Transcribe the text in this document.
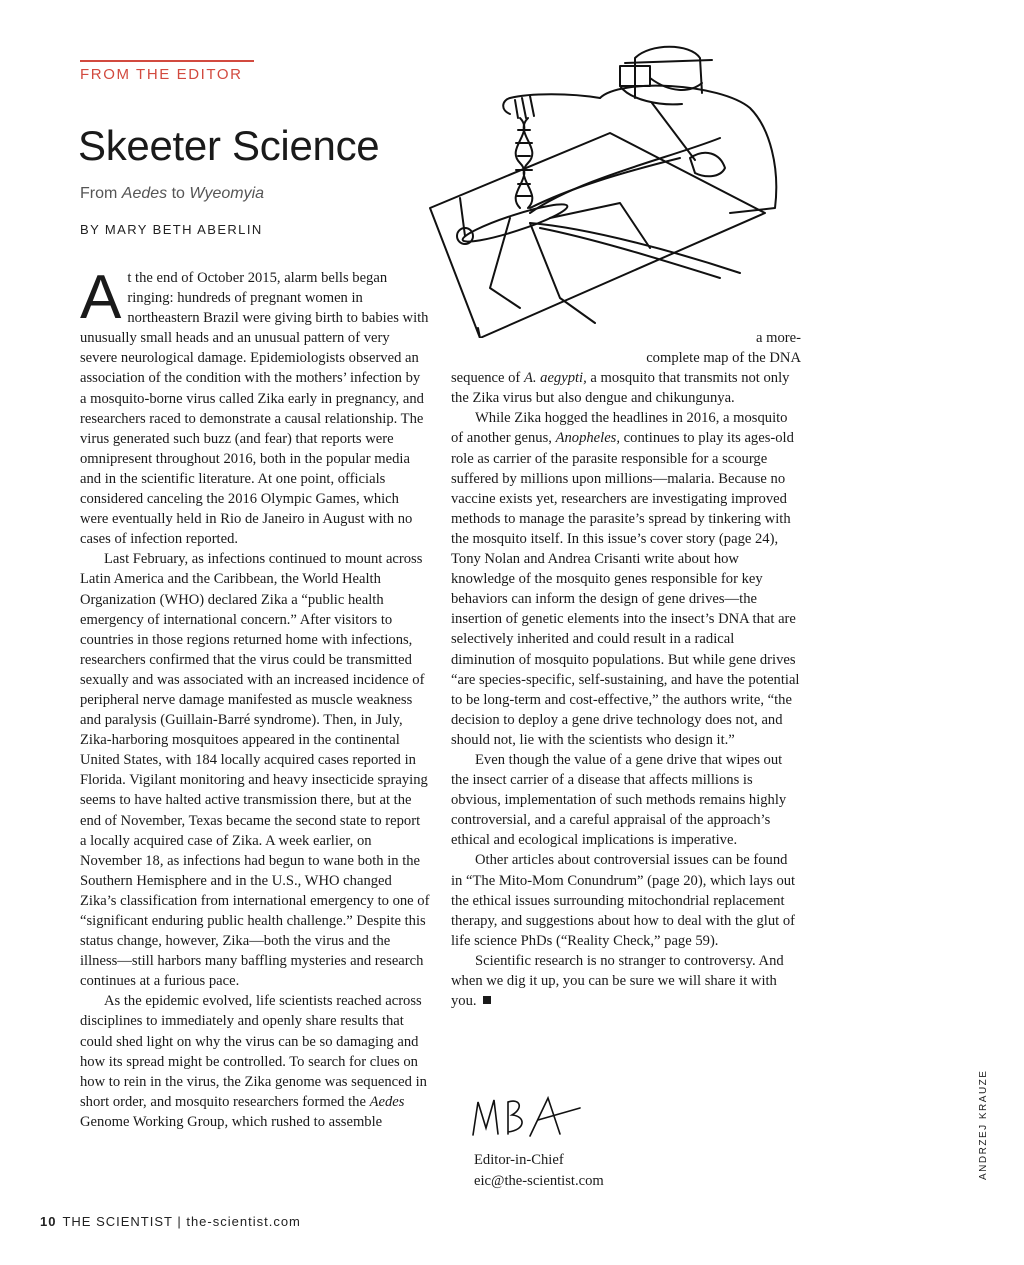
FROM THE EDITOR
Skeeter Science
From Aedes to Wyeomyia
BY MARY BETH ABERLIN

At the end of October 2015, alarm bells began ringing: hundreds of pregnant women in northeastern Brazil were giving birth to babies with unusually small heads and an unusual pattern of very severe neurological damage. Epidemiologists observed an association of the condition with the mothers’ infection by a mosquito-borne virus called Zika early in pregnancy, and researchers raced to demonstrate a causal relationship. The virus generated such buzz (and fear) that reports were omnipresent throughout 2016, both in the popular media and in the scientific literature. At one point, officials considered canceling the 2016 Olympic Games, which were eventually held in Rio de Janeiro in August with no cases of infection reported.

Last February, as infections continued to mount across Latin America and the Caribbean, the World Health Organization (WHO) declared Zika a “public health emergency of international concern.” After visitors to countries in those regions returned home with infections, researchers confirmed that the virus could be transmitted sexually and was associated with an increased incidence of peripheral nerve damage manifested as muscle weakness and paralysis (Guillain-Barré syndrome). Then, in July, Zika-harboring mosquitoes appeared in the continental United States, with 184 locally acquired cases reported in Florida. Vigilant monitoring and heavy insecticide spraying seems to have halted active transmission there, but at the end of November, Texas became the second state to report a locally acquired case of Zika. A week earlier, on November 18, as infections had begun to wane both in the Southern Hemisphere and in the U.S., WHO changed Zika’s classification from international emergency to one of “significant enduring public health challenge.” Despite this status change, however, Zika—both the virus and the illness—still harbors many baffling mysteries and research continues at a furious pace.

As the epidemic evolved, life scientists reached across disciplines to immediately and openly share results that could shed light on why the virus can be so damaging and how its spread might be controlled. To search for clues on how to rein in the virus, the Zika genome was sequenced in short order, and mosquito researchers formed the Aedes Genome Working Group, which rushed to assemble

a more-

complete map of the DNA

sequence of A. aegypti, a mosquito that transmits not only the Zika virus but also dengue and chikungunya.

While Zika hogged the headlines in 2016, a mosquito of another genus, Anopheles, continues to play its ages-old role as carrier of the parasite responsible for a scourge suffered by millions upon millions—malaria. Because no vaccine exists yet, researchers are investigating improved methods to manage the parasite’s spread by tinkering with the mosquito itself. In this issue’s cover story (page 24), Tony Nolan and Andrea Crisanti write about how knowledge of the mosquito genes responsible for key behaviors can inform the design of gene drives—the insertion of genetic elements into the insect’s DNA that are selectively inherited and could result in a radical diminution of mosquito populations. But while gene drives “are species-specific, self-sustaining, and have the potential to be long-term and cost-effective,” the authors write, “the decision to deploy a gene drive technology does not, and should not, lie with the scientists who design it.”

Even though the value of a gene drive that wipes out the insect carrier of a disease that affects millions is obvious, implementation of such methods remains highly controversial, and a careful appraisal of the approach’s ethical and ecological implications is imperative.

Other articles about controversial issues can be found in “The Mito-Mom Conundrum” (page 20), which lays out the ethical issues surrounding mitochondrial replacement therapy, and suggestions about how to deal with the glut of life science PhDs (“Reality Check,” page 59).

Scientific research is no stranger to controversy. And when we dig it up, you can be sure we will share it with you.

Editor-in-Chief
eic@the-scientist.com
ANDRZEJ KRAUZE
10 THE SCIENTIST | the-scientist.com
